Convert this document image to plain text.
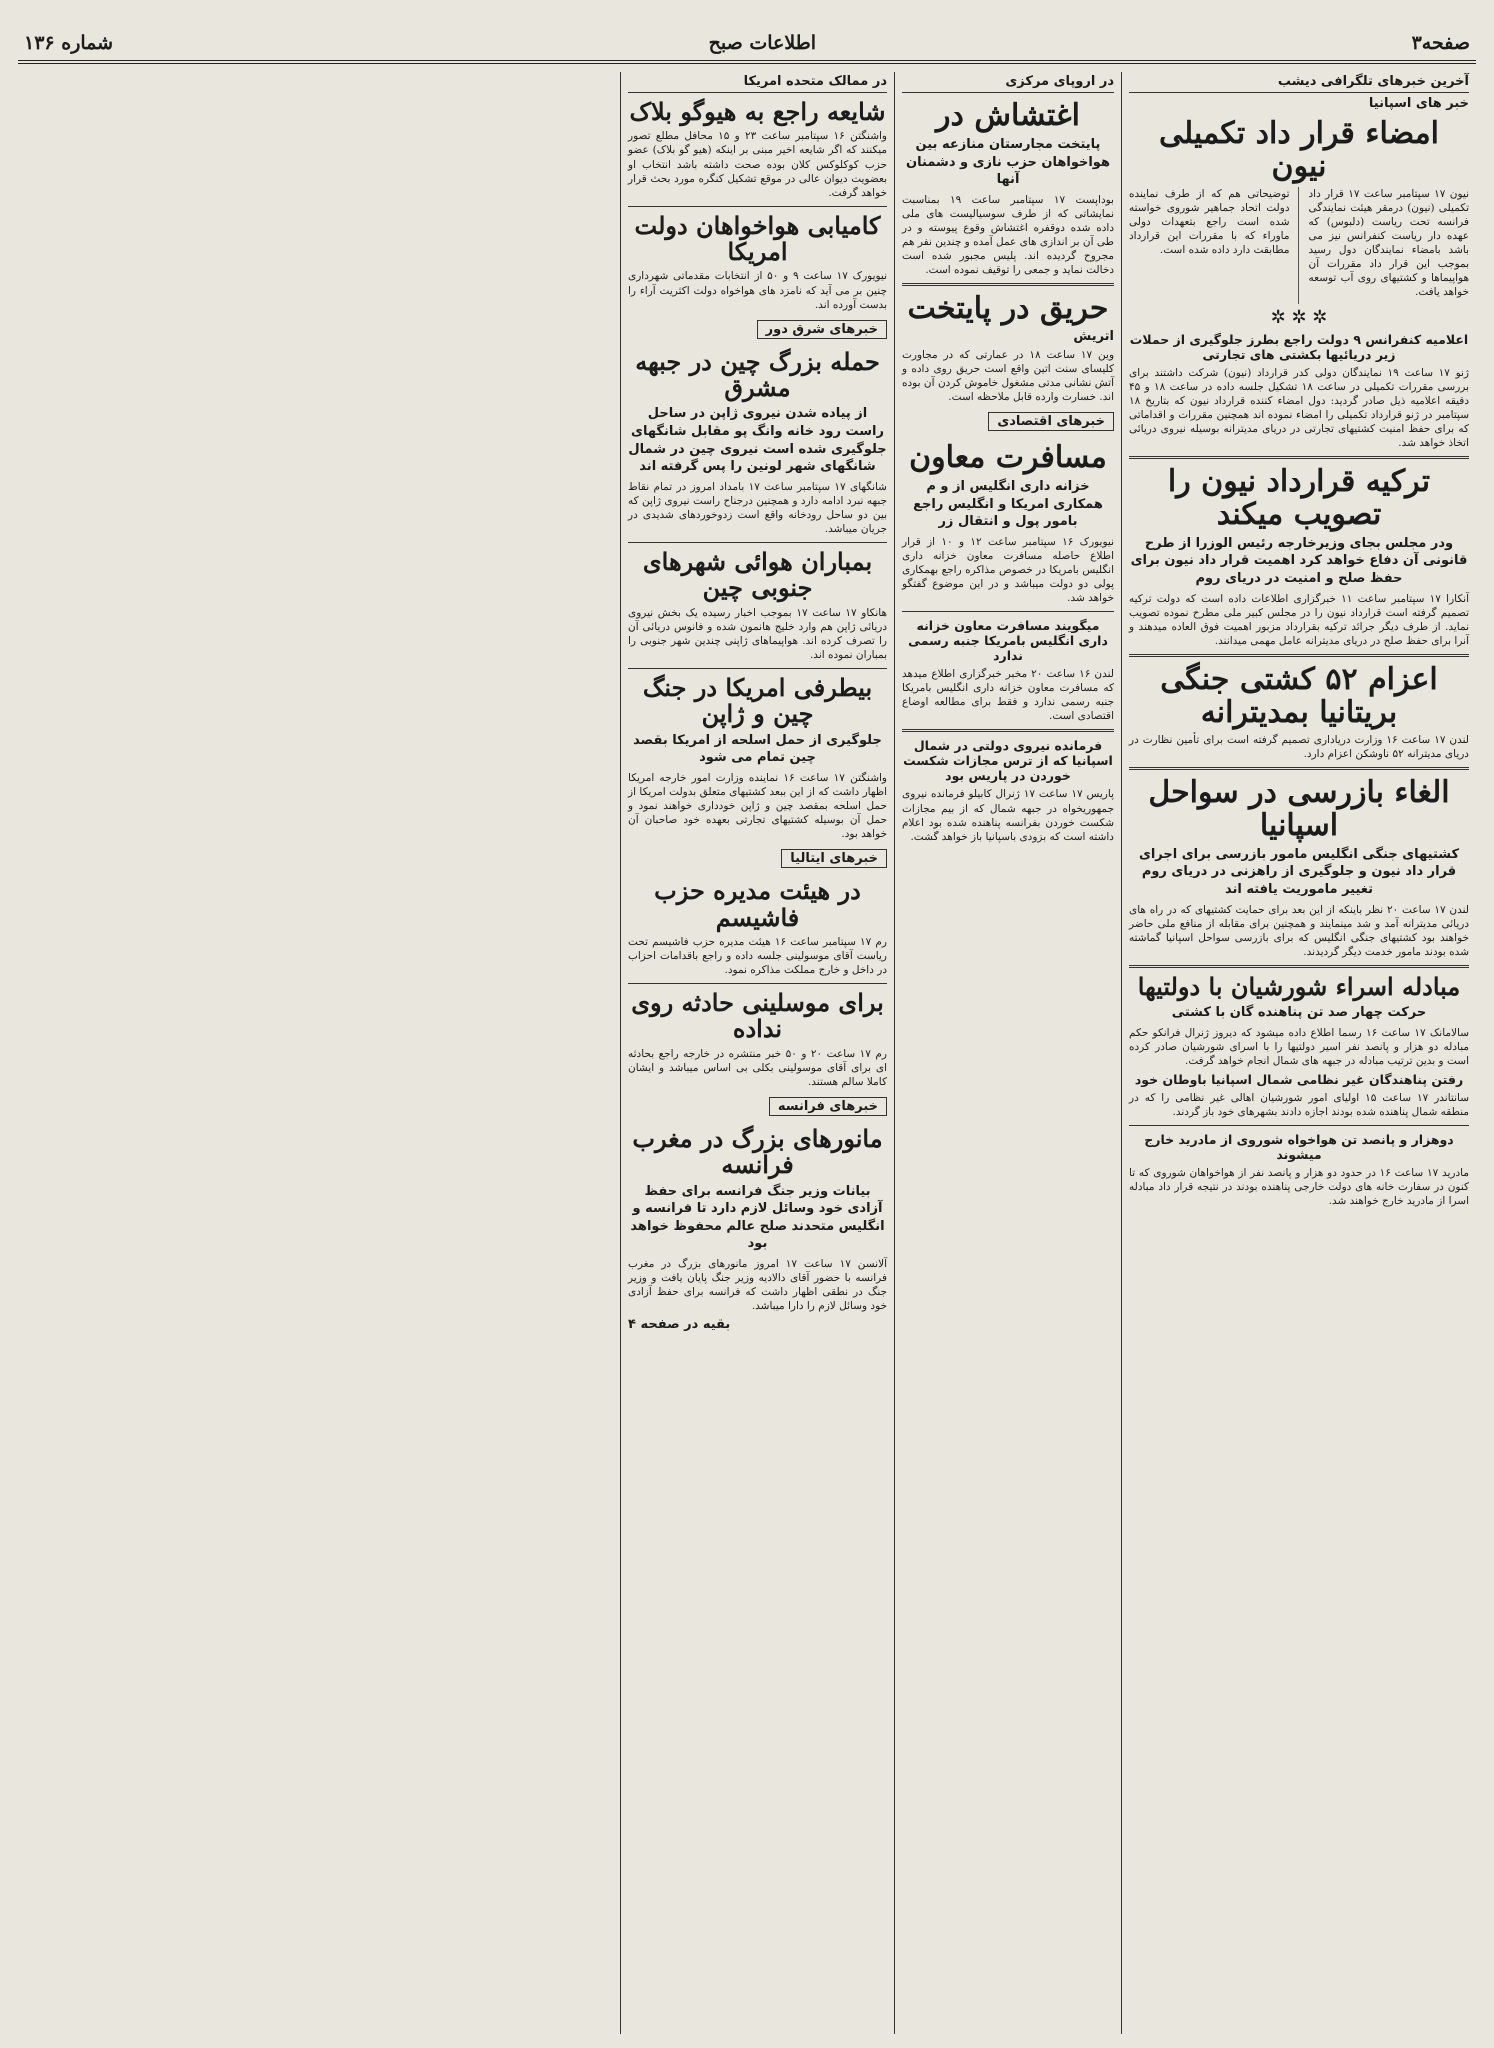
صفحه۳
اطلاعات صبح
شماره ۱۳۶
آخرین خبرهای تلگرافی دیشب
خبر های اسپانیا
امضاء قرار داد تکمیلی نیون

نیون ۱۷ سپتامبر ساعت ۱۷ قرار داد تکمیلی (نیون) درمقر هیئت نمایندگی فرانسه تحت ریاست (دلبوس) که عهده دار ریاست کنفرانس نیز می باشد بامضاء نمایندگان دول رسید بموجب این قرار داد مقررات آن هواپیماها و کشتیهای روی آب توسعه خواهد یافت.

توضیحاتی هم که از طرف نماینده دولت اتحاد جماهیر شوروی خواسته شده است راجع بتعهدات دولی ماوراء که با مقررات این قرارداد مطابقت دارد داده شده است.

✲ ✲ ✲
اعلامیه کنفرانس ۹ دولت راجع بطرز جلوگیری از حملات زیر دریائیها بکشتی های تجارتی

ژنو ۱۷ ساعت ۱۹ نمایندگان دولی کدر قرارداد (نیون) شرکت داشتند برای بررسی مقررات تکمیلی در ساعت ۱۸ تشکیل جلسه داده در ساعت ۱۸ و ۴۵ دقیقه اعلامیه ذیل صادر گردید: دول امضاء کننده قرارداد نیون که بتاریخ ۱۸ سپتامبر در ژنو قرارداد تکمیلی را امضاء نموده اند همچنین مقررات و اقداماتی که برای حفظ امنیت کشتیهای تجارتی در دریای مدیترانه بوسیله نیروی دریائی اتخاذ خواهد شد.

ترکیه قرارداد نیون را تصویب میکند
ودر مجلس بجای وزیرخارجه رئیس الوزرا از طرح قانونی آن دفاع خواهد کرد اهمیت قرار داد نیون برای حفظ صلح و امنیت در دریای روم

آنکارا ۱۷ سپتامبر ساعت ۱۱ خبرگزاری اطلاعات داده است که دولت ترکیه تصمیم گرفته است قرارداد نیون را در مجلس کبیر ملی مطرح نموده تصویب نماید. از طرف دیگر جرائد ترکیه بقرارداد مزبور اهمیت فوق العاده میدهند و آنرا برای حفظ صلح در دریای مدیترانه عامل مهمی میدانند.

اعزام ۵۲ کشتی جنگی بریتانیا بمدیترانه

لندن ۱۷ ساعت ۱۶ وزارت دریاداری تصمیم گرفته است برای تأمین نظارت در دریای مدیترانه ۵۲ ناوشکن اعزام دارد.

الغاء بازرسی در سواحل اسپانیا
کشتیهای جنگی انگلیس مامور بازرسی برای اجرای قرار داد نیون و جلوگیری از راهزنی در دریای روم تغییر ماموریت یافته اند

لندن ۱۷ ساعت ۲۰ نظر باینکه از این بعد برای حمایت کشتیهای که در راه های دریائی مدیترانه آمد و شد مینمایند و همچنین برای مقابله از منافع ملی حاضر خواهند بود کشتیهای جنگی انگلیس که برای بازرسی سواحل اسپانیا گماشته شده بودند مامور خدمت دیگر گردیدند.

مبادله اسراء شورشیان با دولتیها
حرکت چهار صد تن پناهنده گان با کشتی

سالامانک ۱۷ ساعت ۱۶ رسما اطلاع داده میشود که دیروز ژنرال فرانکو حکم مبادله دو هزار و پانصد نفر اسیر دولتیها را با اسرای شورشیان صادر کرده است و بدین ترتیب مبادله در جبهه های شمال انجام خواهد گرفت.

رفتن پناهندگان غیر نظامی شمال اسپانیا باوطان خود

سانتاندر ۱۷ ساعت ۱۵ اولیای امور شورشیان اهالی غیر نظامی را که در منطقه شمال پناهنده شده بودند اجازه دادند بشهرهای خود باز گردند.

دوهزار و پانصد تن هواخواه شوروی از مادرید خارج میشوند

مادرید ۱۷ ساعت ۱۶ در حدود دو هزار و پانصد نفر از هواخواهان شوروی که تا کنون در سفارت خانه های دولت خارجی پناهنده بودند در نتیجه قرار داد مبادله اسرا از مادرید خارج خواهند شد.

در اروپای مرکزی
اغتشاش در
پایتخت مجارستان منازعه بین هواخواهان حزب نازی و دشمنان آنها

بوداپست ۱۷ سپتامبر ساعت ۱۹ بمناسبت نمایشاتی که از طرف سوسیالیست های ملی داده شده دوقفره اغتشاش وقوع پیوسته و در طی آن بر اندازی های عمل آمده و چندین نفر هم مجروح گردیده اند. پلیس مجبور شده است دخالت نماید و جمعی را توقیف نموده است.

حریق در پایتخت
اتریش

وین ۱۷ ساعت ۱۸ در عمارتی که در مجاورت کلیسای سنت اتین واقع است حریق روی داده و آتش نشانی مدتی مشغول خاموش کردن آن بوده اند. خسارت وارده قابل ملاحظه است.

خبرهای اقتصادی
مسافرت معاون
خزانه داری انگلیس از و م همکاری امریکا و انگلیس راجع بامور پول و انتقال زر

نیویورک ۱۶ سپتامبر ساعت ۱۲ و ۱۰ از قرار اطلاع حاصله مسافرت معاون خزانه داری انگلیس بامریکا در خصوص مذاکره راجع بهمکاری پولی دو دولت میباشد و در این موضوع گفتگو خواهد شد.

میگویند مسافرت معاون خزانه داری انگلیس بامریکا جنبه رسمی ندارد

لندن ۱۶ ساعت ۲۰ مخبر خبرگزاری اطلاع میدهد که مسافرت معاون خزانه داری انگلیس بامریکا جنبه رسمی ندارد و فقط برای مطالعه اوضاع اقتصادی است.

فرمانده نیروی دولتی در شمال اسپانیا که از ترس مجازات شکست خوردن در پاریس بود

پاریس ۱۷ ساعت ۱۷ ژنرال کابیلو فرمانده نیروی جمهوریخواه در جبهه شمال که از بیم مجازات شکست خوردن بفرانسه پناهنده شده بود اعلام داشته است که بزودی باسپانیا باز خواهد گشت.

در ممالک متحده امریکا
شایعه راجع به هیوگو بلاک

واشنگتن ۱۶ سپتامبر ساعت ۲۳ و ۱۵ محافل مطلع تصور میکنند که اگر شایعه اخیر مبنی بر اینکه (هیو گو بلاک) عضو حزب کوکلوکس کلان بوده صحت داشته باشد انتخاب او بعضویت دیوان عالی در موقع تشکیل کنگره مورد بحث قرار خواهد گرفت.

کامیابی هواخواهان دولت امریکا

نیویورک ۱۷ ساعت ۹ و ۵۰ از انتخابات مقدماتی شهرداری چنین بر می آید که نامزد های هواخواه دولت اکثریت آراء را بدست آورده اند.

خبرهای شرق دور
حمله بزرگ چین در جبهه مشرق
از پیاده شدن نیروی ژاپن در ساحل راست رود خانه وانگ پو مقابل شانگهای جلوگیری شده است نیروی چین در شمال شانگهای شهر لونین را پس گرفته اند

شانگهای ۱۷ سپتامبر ساعت ۱۷ بامداد امروز در تمام نقاط جبهه نبرد ادامه دارد و همچنین درجناح راست نیروی ژاپن که بین دو ساحل رودخانه واقع است زدوخوردهای شدیدی در جریان میباشد.

بمباران هوائی شهرهای جنوبی چین

هانکاو ۱۷ ساعت ۱۷ بموجب اخبار رسیده یک بخش نیروی دریائی ژاپن هم وارد خلیج هانمون شده و فانوس دریائی آن را تصرف کرده اند. هواپیماهای ژاپنی چندین شهر جنوبی را بمباران نموده اند.

بیطرفی امریکا در جنگ چین و ژاپن
جلوگیری از حمل اسلحه از امریکا بقصد چین تمام می شود

واشنگتن ۱۷ ساعت ۱۶ نماینده وزارت امور خارجه امریکا اظهار داشت که از این ببعد کشتیهای متعلق بدولت امریکا از حمل اسلحه بمقصد چین و ژاپن خودداری خواهند نمود و حمل آن بوسیله کشتیهای تجارتی بعهده خود صاحبان آن خواهد بود.

خبرهای ایتالیا
در هیئت مدیره حزب فاشیسم

رم ۱۷ سپتامبر ساعت ۱۶ هیئت مدیره حزب فاشیسم تحت ریاست آقای موسولینی جلسه داده و راجع باقدامات احزاب در داخل و خارج مملکت مذاکره نمود.

برای موسلینی حادثه روی نداده

رم ۱۷ ساعت ۲۰ و ۵۰ خبر منتشره در خارجه راجع بحادثه ای برای آقای موسولینی بکلی بی اساس میباشد و ایشان کاملا سالم هستند.

خبرهای فرانسه
مانورهای بزرگ در مغرب فرانسه
بیانات وزیر جنگ فرانسه برای حفظ آزادی خود وسائل لازم دارد تا فرانسه و انگلیس متحدند صلح عالم محفوظ خواهد بود

آلانسن ۱۷ ساعت ۱۷ امروز مانورهای بزرگ در مغرب فرانسه با حضور آقای دالادیه وزیر جنگ پایان یافت و وزیر جنگ در نطقی اظهار داشت که فرانسه برای حفظ آزادی خود وسائل لازم را دارا میباشد.

بقیه در صفحه ۴
